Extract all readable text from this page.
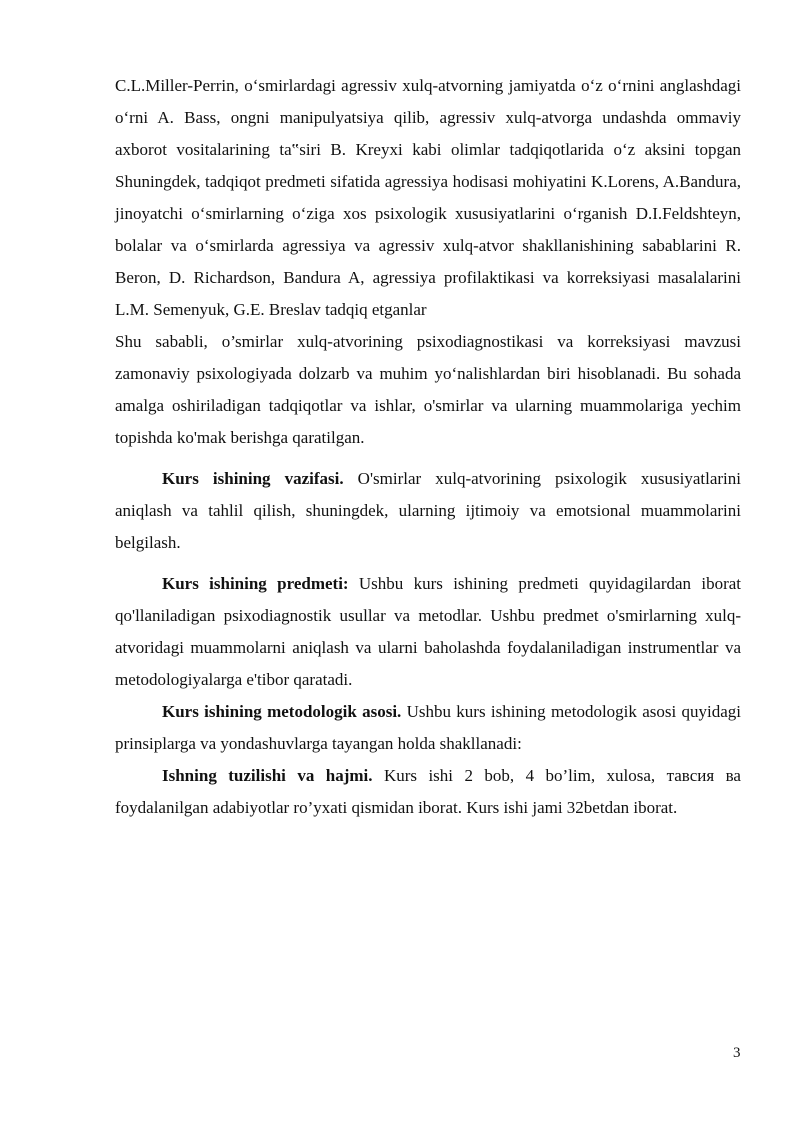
C.L.Miller-Perrin, o‘smirlardagi agressiv xulq-atvorning jamiyatda o‘z o‘rnini anglashdagi o‘rni A. Bass, ongni manipulyatsiya qilib, agressiv xulq-atvorga undashda ommaviy axborot vositalarining ta‟siri B. Kreyxi kabi olimlar tadqiqotlarida o‘z aksini topgan Shuningdek, tadqiqot predmeti sifatida agressiya hodisasi mohiyatini K.Lorens, A.Bandura, jinoyatchi o‘smirlarning o‘ziga xos psixologik xususiyatlarini o‘rganish D.I.Feldshteyn, bolalar va o‘smirlarda agressiya va agressiv xulq-atvor shakllanishining sabablarini R. Beron, D. Richardson, Bandura A, agressiya profilaktikasi va korreksiyasi masalalarini L.M. Semenyuk, G.E. Breslav tadqiq etganlar

Shu sababli, o’smirlar xulq-atvorining psixodiagnostikasi va korreksiyasi mavzusi zamonaviy psixologiyada dolzarb va muhim yo‘nalishlardan biri hisoblanadi. Bu sohada amalga oshiriladigan tadqiqotlar va ishlar, o'smirlar va ularning muammolariga yechim topishda ko'mak berishga qaratilgan.

Kurs ishining vazifasi. O'smirlar xulq-atvorining psixologik xususiyatlarini aniqlash va tahlil qilish, shuningdek, ularning ijtimoiy va emotsional muammolarini belgilash.

Kurs ishining predmeti: Ushbu kurs ishining predmeti quyidagilardan iborat qo'llaniladigan psixodiagnostik usullar va metodlar. Ushbu predmet o'smirlarning xulq-atvoridagi muammolarni aniqlash va ularni baholashda foydalaniladigan instrumentlar va metodologiyalarga e'tibor qaratadi.

Kurs ishining metodologik asosi. Ushbu kurs ishining metodologik asosi quyidagi prinsiplarga va yondashuvlarga tayangan holda shakllanadi:

Ishning tuzilishi va hajmi. Kurs ishi 2 bob, 4 bo’lim, xulosa, тавсия ва foydalanilgan adabiyotlar ro’yxati qismidan iborat. Kurs ishi jami 32betdan iborat.

3
